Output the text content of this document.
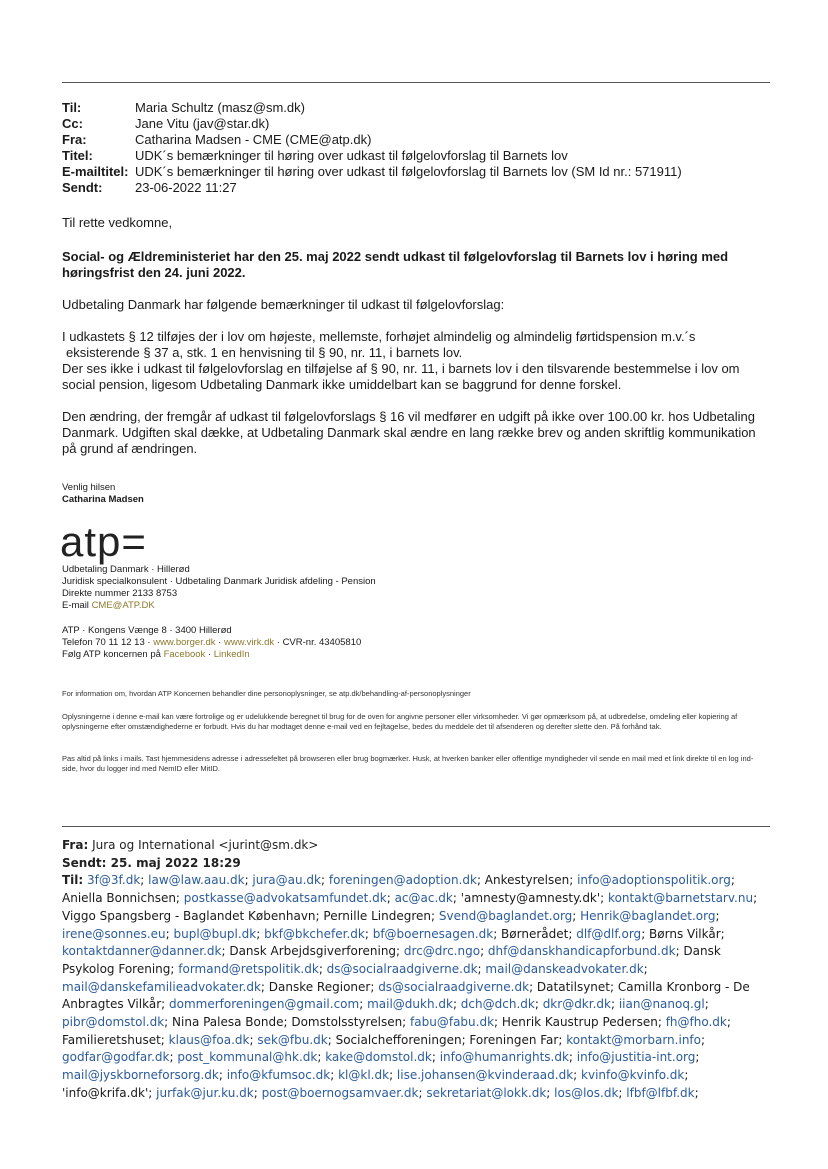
Til:	Maria Schultz (masz@sm.dk)
Cc:	Jane Vitu (jav@star.dk)
Fra:	Catharina Madsen - CME (CME@atp.dk)
Titel:	UDK´s bemærkninger til høring over udkast til følgelovforslag til Barnets lov
E-mailtitel: UDK´s bemærkninger til høring over udkast til følgelovforslag til Barnets lov (SM Id nr.: 571911)
Sendt:	23-06-2022 11:27

Til rette vedkomne,

Social- og Ældreministeriet har den 25. maj 2022 sendt udkast til følgelovforslag til Barnets lov i høring med høringsfrist den 24. juni 2022.

Udbetaling Danmark har følgende bemærkninger til udkast til følgelovforslag:

I udkastets § 12 tilføjes der i lov om højeste, mellemste, forhøjet almindelig og almindelig førtidspension m.v.´s

eksisterende § 37 a, stk. 1 en henvisning til § 90, nr. 11, i barnets lov.

Der ses ikke i udkast til følgelovforslag en tilføjelse af § 90, nr. 11, i barnets lov i den tilsvarende bestemmelse i lov om social pension, ligesom Udbetaling Danmark ikke umiddelbart kan se baggrund for denne forskel.

Den ændring, der fremgår af udkast til følgelovforslags § 16 vil medfører en udgift på ikke over 100.00 kr. hos Udbetaling Danmark. Udgiften skal dække, at Udbetaling Danmark skal ændre en lang række brev og anden skriftlig kommunikation på grund af ændringen.

Venlig hilsen
Catharina Madsen
atp=

Udbetaling Danmark · Hillerød

Juridisk specialkonsulent · Udbetaling Danmark Juridisk afdeling - Pension

Direkte nummer 2133 8753

E-mail CME@ATP.DK

ATP · Kongens Vænge 8 · 3400 Hillerød

Telefon 70 11 12 13 · www.borger.dk · www.virk.dk · CVR-nr. 43405810

Følg ATP koncernen på Facebook · LinkedIn

For information om, hvordan ATP Koncernen behandler dine personoplysninger, se atp.dk/behandling-af-personoplysninger

Oplysningerne i denne e-mail kan være fortrolige og er udelukkende beregnet til brug for de oven for angivne personer eller virksomheder. Vi gør opmærksom på, at udbredelse, omdeling eller kopiering af oplysningerne efter omstændighederne er forbudt. Hvis du har modtaget denne e-mail ved en fejltagelse, bedes du meddele det til afsenderen og derefter slette den. På forhånd tak.

Pas altid på links i mails. Tast hjemmesidens adresse i adressefeltet på browseren eller brug bogmærker. Husk, at hverken banker eller offentlige myndigheder vil sende en mail med et link direkte til en log ind-side, hvor du logger ind med NemID eller MitID.

Fra: Jura og International <jurint@sm.dk>
Sendt: 25. maj 2022 18:29
Til: 3f@3f.dk; law@law.aau.dk; jura@au.dk; foreningen@adoption.dk; Ankestyrelsen; info@adoptionspolitik.org; Aniella Bonnichsen; postkasse@advokatsamfundet.dk; ac@ac.dk; 'amnesty@amnesty.dk'; kontakt@barnetstarv.nu; Viggo Spangsberg - Baglandet København; Pernille Lindegren; Svend@baglandet.org; Henrik@baglandet.org; irene@sonnes.eu; bupl@bupl.dk; bkf@bkchefer.dk; bf@boernesagen.dk; Børnerådet; dlf@dlf.org; Børns Vilkår; kontaktdanner@danner.dk; Dansk Arbejdsgiverforening; drc@drc.ngo; dhf@danskhandicapforbund.dk; Dansk Psykolog Forening; formand@retspolitik.dk; ds@socialraadgiverne.dk; mail@danskeadvokater.dk; mail@danskefamilieadvokater.dk; Danske Regioner; ds@socialraadgiverne.dk; Datatilsynet; Camilla Kronborg - De Anbragtes Vilkår; dommerforeningen@gmail.com; mail@dukh.dk; dch@dch.dk; dkr@dkr.dk; iian@nanoq.gl; pibr@domstol.dk; Nina Palesa Bonde; Domstolsstyrelsen; fabu@fabu.dk; Henrik Kaustrup Pedersen; fh@fho.dk; Familieretshuset; klaus@foa.dk; sek@fbu.dk; Socialchefforeningen; Foreningen Far; kontakt@morbarn.info; godfar@godfar.dk; post_kommunal@hk.dk; kake@domstol.dk; info@humanrights.dk; info@justitia-int.org; mail@jyskborneforsorg.dk; info@kfumsoc.dk; kl@kl.dk; lise.johansen@kvinderaad.dk; kvinfo@kvinfo.dk; 'info@krifa.dk'; jurfak@jur.ku.dk; post@boernogsamvaer.dk; sekretariat@lokk.dk; los@los.dk; lfbf@lfbf.dk;
